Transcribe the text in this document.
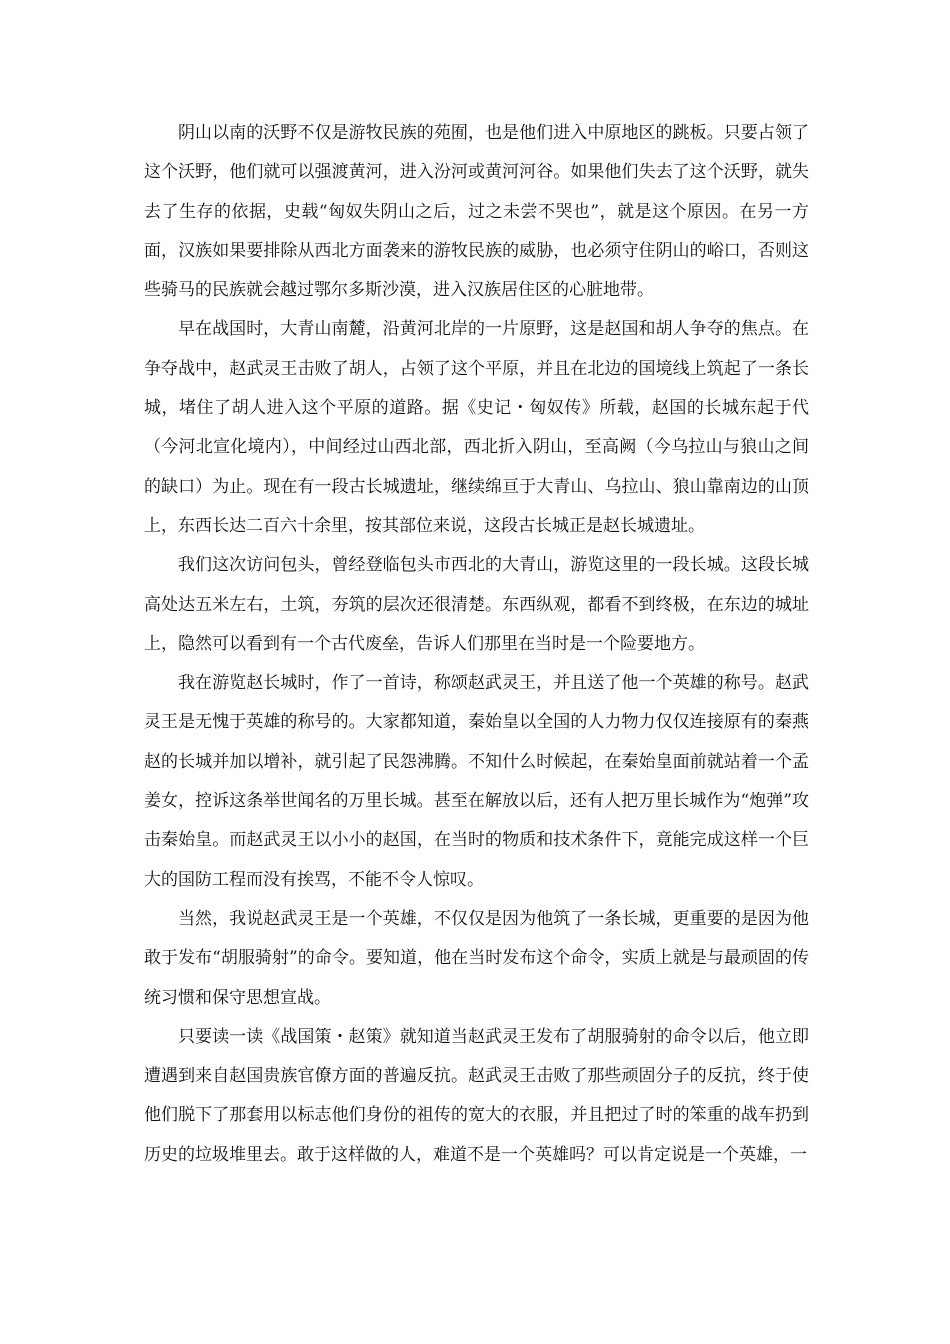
阴山以南的沃野不仅是游牧民族的苑囿，也是他们进入中原地区的跳板。只要占领了这个沃野，他们就可以强渡黄河，进入汾河或黄河河谷。如果他们失去了这个沃野，就失去了生存的依据，史载“匈奴失阴山之后，过之未尝不哭也”，就是这个原因。在另一方面，汉族如果要排除从西北方面袭来的游牧民族的威胁，也必须守住阴山的峪口，否则这些骑马的民族就会越过鄂尔多斯沙漠，进入汉族居住区的心脏地带。

早在战国时，大青山南麓，沿黄河北岸的一片原野，这是赵国和胡人争夺的焦点。在争夺战中，赵武灵王击败了胡人，占领了这个平原，并且在北边的国境线上筑起了一条长城，堵住了胡人进入这个平原的道路。据《史记・匈奴传》所载，赵国的长城东起于代（今河北宣化境内），中间经过山西北部，西北折入阴山，至高阙（今乌拉山与狼山之间的缺口）为止。现在有一段古长城遗址，继续绵亘于大青山、乌拉山、狼山靠南边的山顶上，东西长达二百六十余里，按其部位来说，这段古长城正是赵长城遗址。

我们这次访问包头，曾经登临包头市西北的大青山，游览这里的一段长城。这段长城高处达五米左右，土筑，夯筑的层次还很清楚。东西纵观，都看不到终极，在东边的城址上，隐然可以看到有一个古代废垒，告诉人们那里在当时是一个险要地方。

我在游览赵长城时，作了一首诗，称颂赵武灵王，并且送了他一个英雄的称号。赵武灵王是无愧于英雄的称号的。大家都知道，秦始皇以全国的人力物力仅仅连接原有的秦燕赵的长城并加以增补，就引起了民怨沸腾。不知什么时候起，在秦始皇面前就站着一个孟姜女，控诉这条举世闻名的万里长城。甚至在解放以后，还有人把万里长城作为“炮弹”攻击秦始皇。而赵武灵王以小小的赵国，在当时的物质和技术条件下，竟能完成这样一个巨大的国防工程而没有挨骂，不能不令人惊叹。

当然，我说赵武灵王是一个英雄，不仅仅是因为他筑了一条长城，更重要的是因为他敢于发布“胡服骑射”的命令。要知道，他在当时发布这个命令，实质上就是与最顽固的传统习惯和保守思想宣战。

只要读一读《战国策・赵策》就知道当赵武灵王发布了胡服骑射的命令以后，他立即遭遇到来自赵国贵族官僚方面的普遍反抗。赵武灵王击败了那些顽固分子的反抗，终于使他们脱下了那套用以标志他们身份的祖传的宽大的衣服，并且把过了时的笨重的战车扔到历史的垃圾堆里去。敢于这样做的人，难道不是一个英雄吗？可以肯定说是一个英雄，一
